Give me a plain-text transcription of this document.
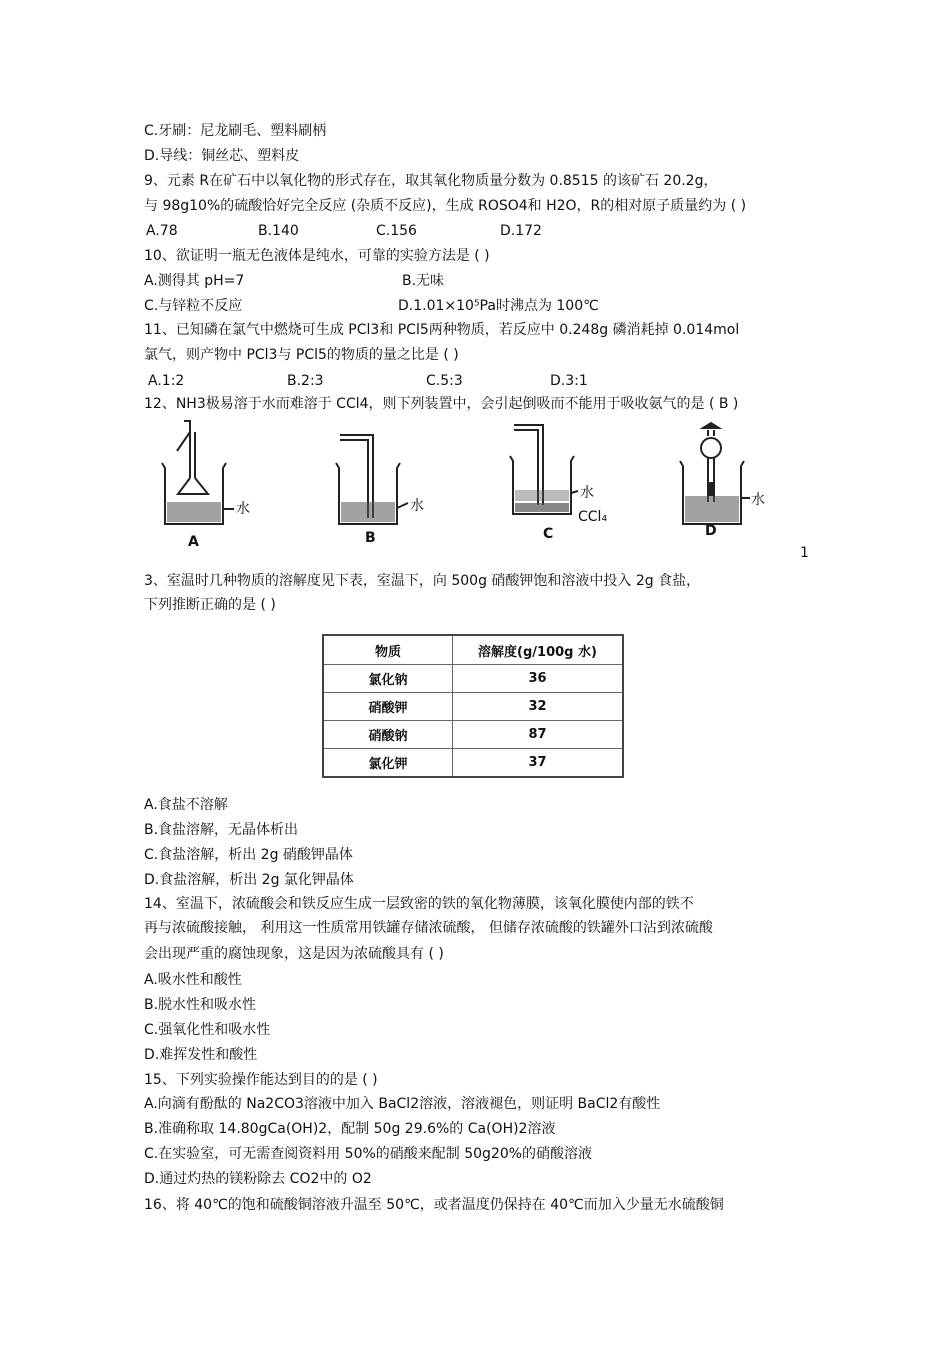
C.牙刷：尼龙刷毛、塑料刷柄
D.导线：铜丝芯、塑料皮
9、元素 R在矿石中以氧化物的形式存在，取其氧化物质量分数为 0.8515 的该矿石 20.2g，
与 98g10%的硫酸恰好完全反应 (杂质不反应)，生成 ROSO4和 H2O，R的相对原子质量约为 ( )
A.78	B.140	C.156	D.172
10、欲证明一瓶无色液体是纯水，可靠的实验方法是 ( )
A.测得其 pH=7	B.无味
C.与锌粒不反应	D.1.01×10⁵Pa时沸点为 100℃
11、已知磷在氯气中燃烧可生成 PCl3和 PCl5两种物质，若反应中 0.248g 磷消耗掉 0.014mol
氯气，则产物中 PCl3与 PCl5的物质的量之比是 ( )
A.1:2	B.2:3	C.5:3	D.3:1
12、NH3极易溶于水而难溶于 CCl4，则下列装置中，会引起倒吸而不能用于吸收氨气的是 ( B )
水	水
水
CCl₄
水
A	B	C	D
1
3、室温时几种物质的溶解度见下表，室温下，向 500g 硝酸钾饱和溶液中投入 2g 食盐，
下列推断正确的是 ( )
物质	溶解度(g/100g 水)
氯化钠	36
硝酸钾	32
硝酸钠	87
氯化钾	37
A.食盐不溶解
B.食盐溶解，无晶体析出
C.食盐溶解，析出 2g 硝酸钾晶体
D.食盐溶解，析出 2g 氯化钾晶体
14、室温下，浓硫酸会和铁反应生成一层致密的铁的氧化物薄膜，该氧化膜使内部的铁不
再与浓硫酸接触， 利用这一性质常用铁罐存储浓硫酸， 但储存浓硫酸的铁罐外口沾到浓硫酸
会出现严重的腐蚀现象，这是因为浓硫酸具有 ( )
A.吸水性和酸性
B.脱水性和吸水性
C.强氧化性和吸水性
D.难挥发性和酸性
15、下列实验操作能达到目的的是 ( )
A.向滴有酚酞的 Na2CO3溶液中加入 BaCl2溶液，溶液褪色，则证明 BaCl2有酸性
B.准确称取 14.80gCa(OH)2，配制 50g 29.6%的 Ca(OH)2溶液
C.在实验室，可无需查阅资料用 50%的硝酸来配制 50g20%的硝酸溶液
D.通过灼热的镁粉除去 CO2中的 O2
16、将 40℃的饱和硫酸铜溶液升温至 50℃，或者温度仍保持在 40℃而加入少量无水硫酸铜
